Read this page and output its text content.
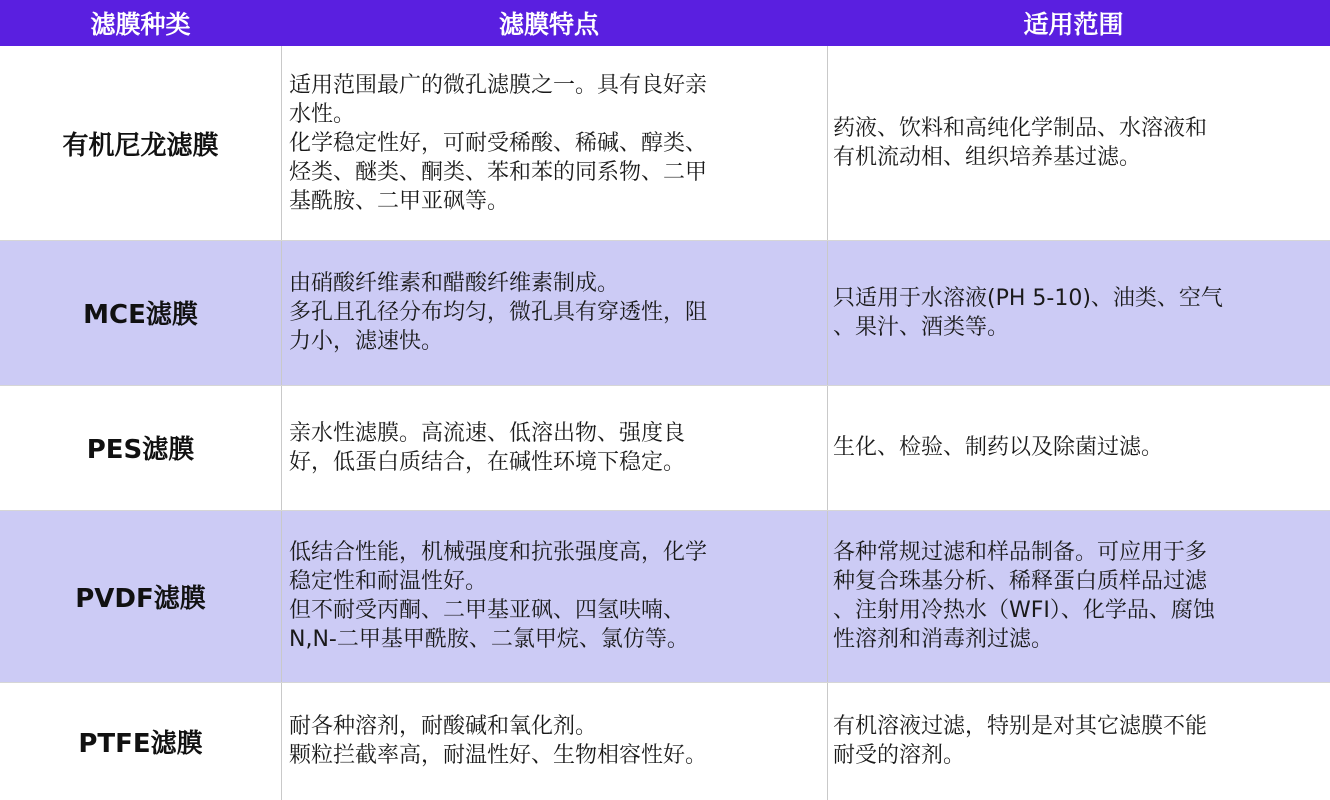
滤膜种类	滤膜特点	适用范围
有机尼龙滤膜
适用范围最广的微孔滤膜之一。具有良好亲
水性。
化学稳定性好，可耐受稀酸、稀碱、醇类、
烃类、醚类、酮类、苯和苯的同系物、二甲
基酰胺、二甲亚砜等。
药液、饮料和高纯化学制品、水溶液和
有机流动相、组织培养基过滤。
MCE滤膜
由硝酸纤维素和醋酸纤维素制成。
多孔且孔径分布均匀，微孔具有穿透性，阻
力小，滤速快。
只适用于水溶液(PH 5-10)、油类、空气
、果汁、酒类等。
PES滤膜
亲水性滤膜。高流速、低溶出物、强度良
好，低蛋白质结合，在碱性环境下稳定。
生化、检验、制药以及除菌过滤。
PVDF滤膜
低结合性能，机械强度和抗张强度高，化学
稳定性和耐温性好。
但不耐受丙酮、二甲基亚砜、四氢呋喃、
N,N-二甲基甲酰胺、二氯甲烷、氯仿等。
各种常规过滤和样品制备。可应用于多
种复合珠基分析、稀释蛋白质样品过滤
、注射用冷热水（WFI）、化学品、腐蚀
性溶剂和消毒剂过滤。
PTFE滤膜
耐各种溶剂，耐酸碱和氧化剂。
颗粒拦截率高，耐温性好、生物相容性好。
有机溶液过滤，特别是对其它滤膜不能
耐受的溶剂。
